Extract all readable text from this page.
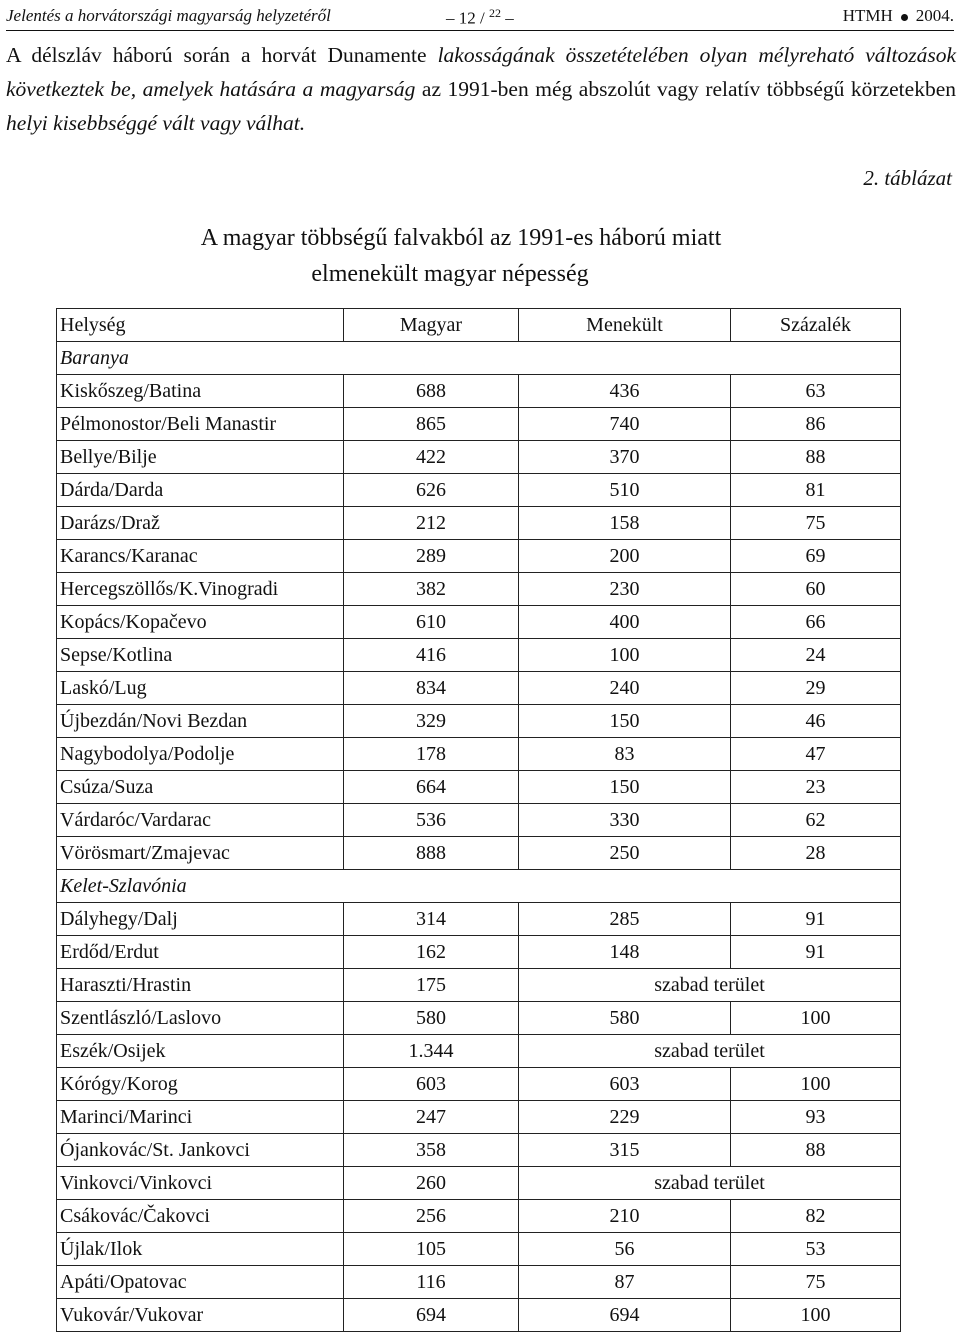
Jelentés a horvátországi magyarság helyzetéről	– 12 / $^{22}$ –	HTMH 2004.

A délszláv háború során a horvát Dunamente lakosságának összetételében olyan mélyreható változások következtek be, amelyek hatására a magyarság az 1991-ben még abszolút vagy relatív többségű körzetekben helyi kisebbséggé vált vagy válhat.

2. táblázat
A magyar többségű falvakból az 1991-es háború miatt
elmenekült magyar népesség
Helység	Magyar	Menekült	Százalék
Baranya			
Kiskőszeg/Batina	688	436	63
Pélmonostor/Beli Manastir	865	740	86
Bellye/Bilje	422	370	88
Dárda/Darda	626	510	81
Darázs/Draž	212	158	75
Karancs/Karanac	289	200	69
Hercegszöllős/K.Vinogradi	382	230	60
Kopács/Kopačevo	610	400	66
Sepse/Kotlina	416	100	24
Laskó/Lug	834	240	29
Újbezdán/Novi Bezdan	329	150	46
Nagybodolya/Podolje	178	83	47
Csúza/Suza	664	150	23
Várdaróc/Vardarac	536	330	62
Vörösmart/Zmajevac	888	250	28
Kelet-Szlavónia			
Dályhegy/Dalj	314	285	91
Erdőd/Erdut	162	148	91
Haraszti/Hrastin	175	szabad terület	
Szentlászló/Laslovo	580	580	100
Eszék/Osijek	1.344	szabad terület	
Kórógy/Korog	603	603	100
Marinci/Marinci	247	229	93
Ójankovác/St. Jankovci	358	315	88
Vinkovci/Vinkovci	260	szabad terület	
Csákovác/Čakovci	256	210	82
Újlak/Ilok	105	56	53
Apáti/Opatovac	116	87	75
Vukovár/Vukovar	694	694	100
